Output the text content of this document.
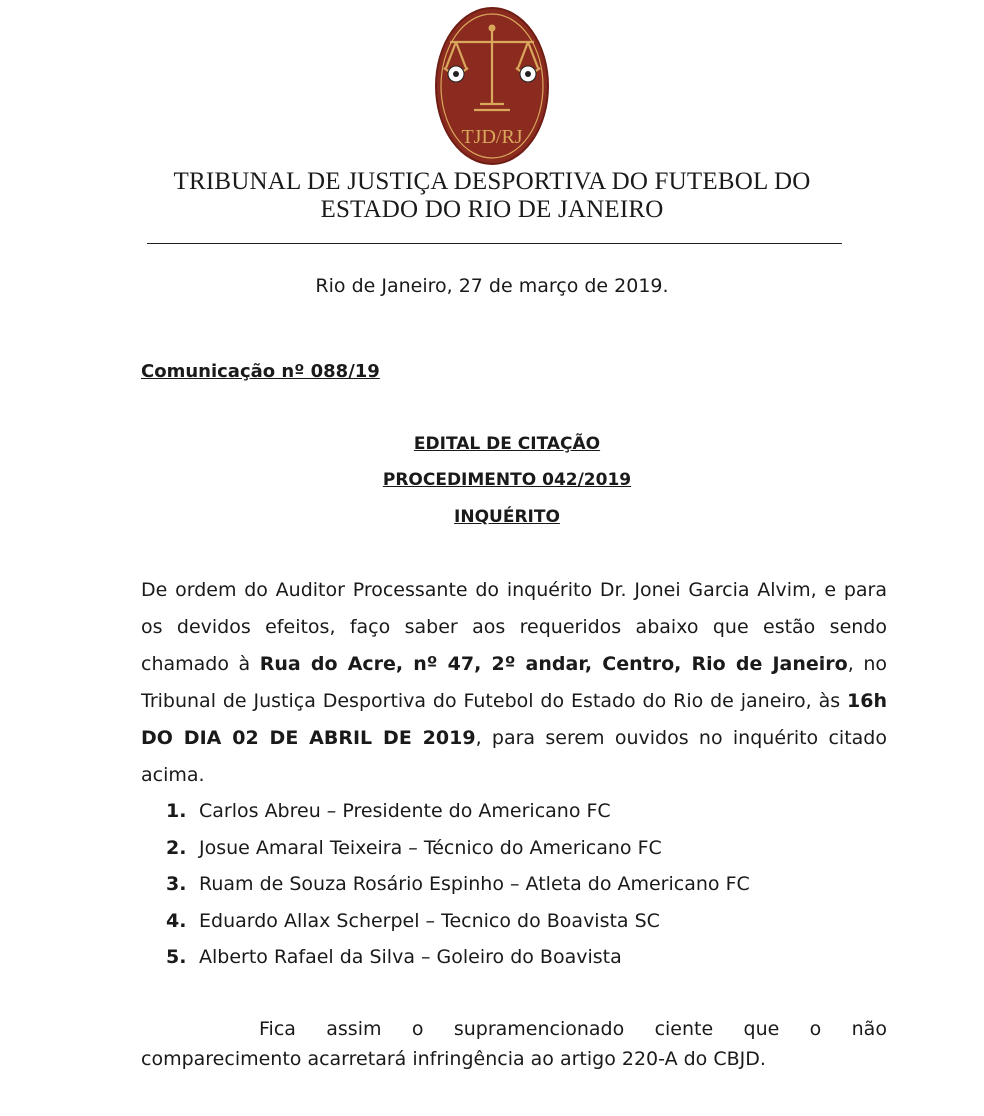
TJD/RJ
TRIBUNAL DE JUSTIÇA DESPORTIVA DO FUTEBOL DO
ESTADO DO RIO DE JANEIRO
Rio de Janeiro, 27 de março de 2019.
Comunicação nº 088/19
EDITAL DE CITAÇÃO
PROCEDIMENTO 042/2019
INQUÉRITO
De ordem do Auditor Processante do inquérito Dr. Jonei Garcia Alvim, e para os devidos efeitos, faço saber aos requeridos abaixo que estão sendo chamado à Rua do Acre, nº 47, 2º andar, Centro, Rio de Janeiro, no Tribunal de Justiça Desportiva do Futebol do Estado do Rio de janeiro, às 16h DO DIA 02 DE ABRIL DE 2019, para serem ouvidos no inquérito citado acima.
1. Carlos Abreu – Presidente do Americano FC
2. Josue Amaral Teixeira – Técnico do Americano FC
3. Ruam de Souza Rosário Espinho – Atleta do Americano FC
4. Eduardo Allax Scherpel – Tecnico do Boavista SC
5. Alberto Rafael da Silva – Goleiro do Boavista
Fica assim o supramencionado ciente que o não
comparecimento acarretará infringência ao artigo 220-A do CBJD.
